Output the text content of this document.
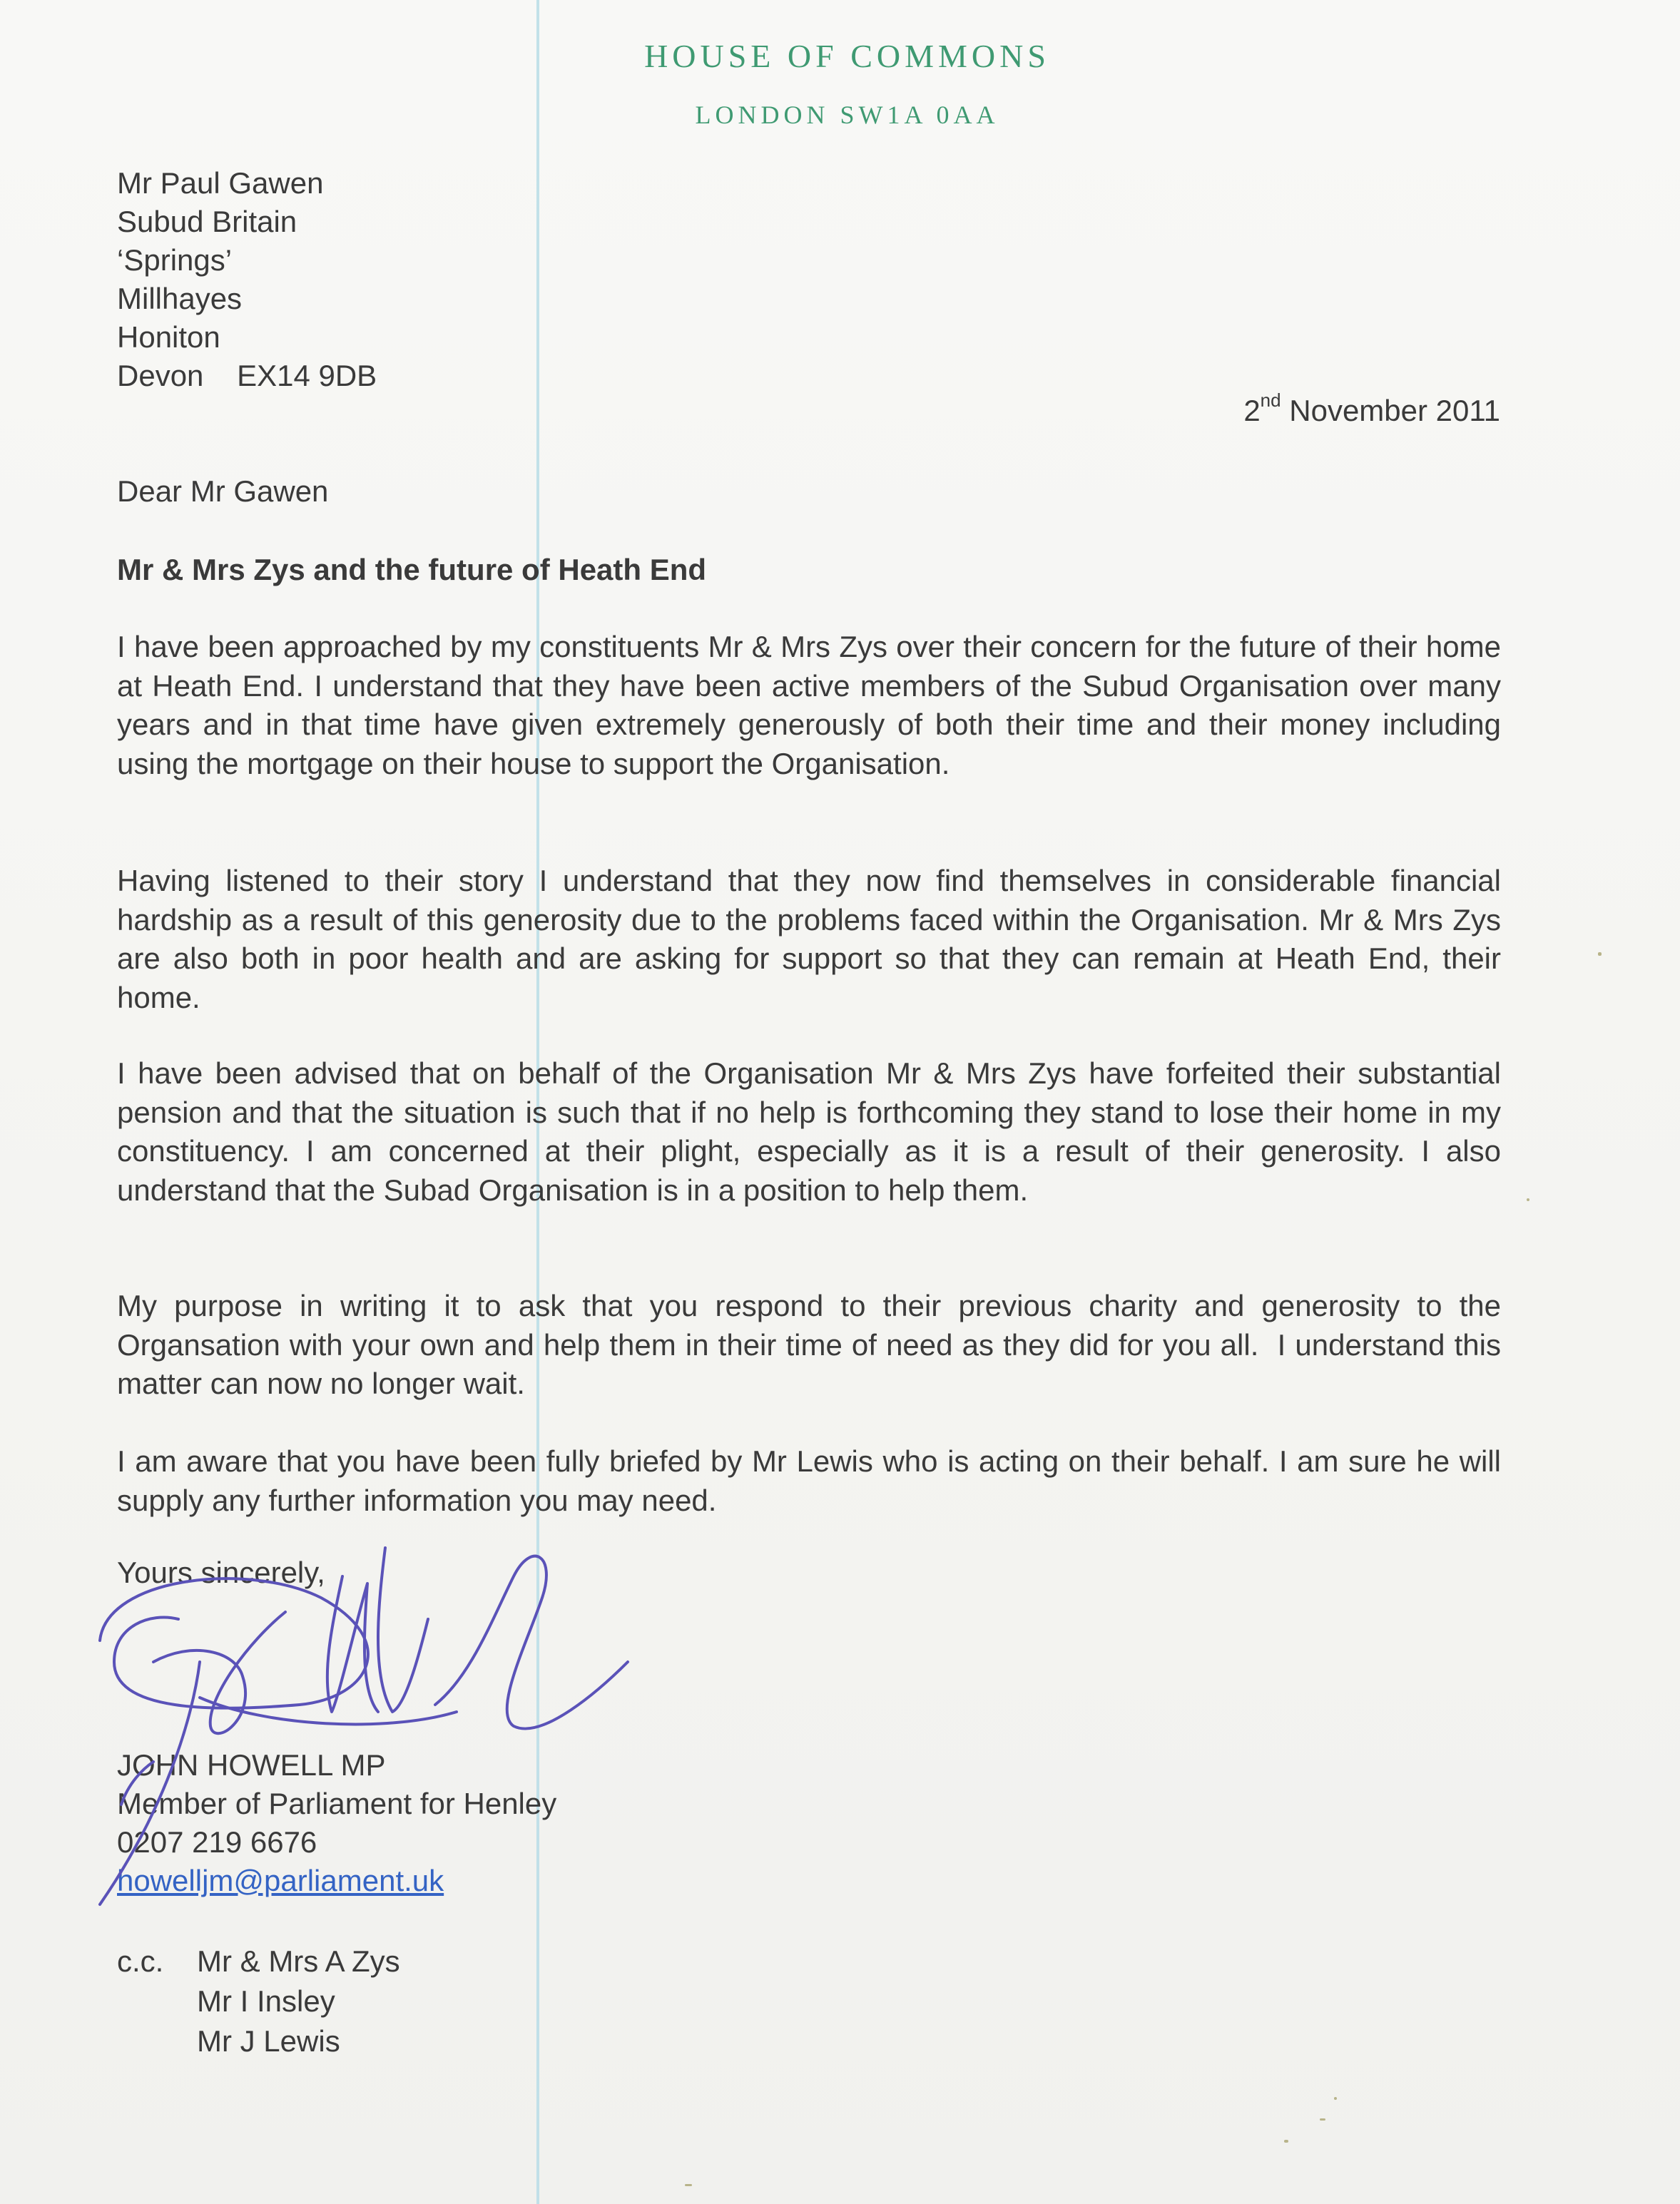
HOUSE OF COMMONS
LONDON SW1A 0AA
Mr Paul Gawen
Subud Britain
‘Springs’
Millhayes
Honiton
Devon    EX14 9DB
2nd November 2011
Dear Mr Gawen
Mr & Mrs Zys and the future of Heath End
I have been approached by my constituents Mr & Mrs Zys over their concern for the future of their home at Heath End. I understand that they have been active members of the Subud Organisation over many years and in that time have given extremely generously of both their time and their money including using the mortgage on their house to support the Organisation.
Having listened to their story I understand that they now find themselves in considerable financial hardship as a result of this generosity due to the problems faced within the Organisation. Mr & Mrs Zys are also both in poor health and are asking for support so that they can remain at Heath End, their home.
I have been advised that on behalf of the Organisation Mr & Mrs Zys have forfeited their substantial pension and that the situation is such that if no help is forthcoming they stand to lose their home in my constituency. I am concerned at their plight, especially as it is a result of their generosity. I also understand that the Subad Organisation is in a position to help them.
My purpose in writing it to ask that you respond to their previous charity and generosity to the Organsation with your own and help them in their time of need as they did for you all.  I understand this matter can now no longer wait.
I am aware that you have been fully briefed by Mr Lewis who is acting on their behalf. I am sure he will supply any further information you may need.
Yours sincerely,
JOHN HOWELL MP
Member of Parliament for Henley
0207 219 6676
howelljm@parliament.uk
c.c. Mr & Mrs A Zys
Mr I Insley
Mr J Lewis
